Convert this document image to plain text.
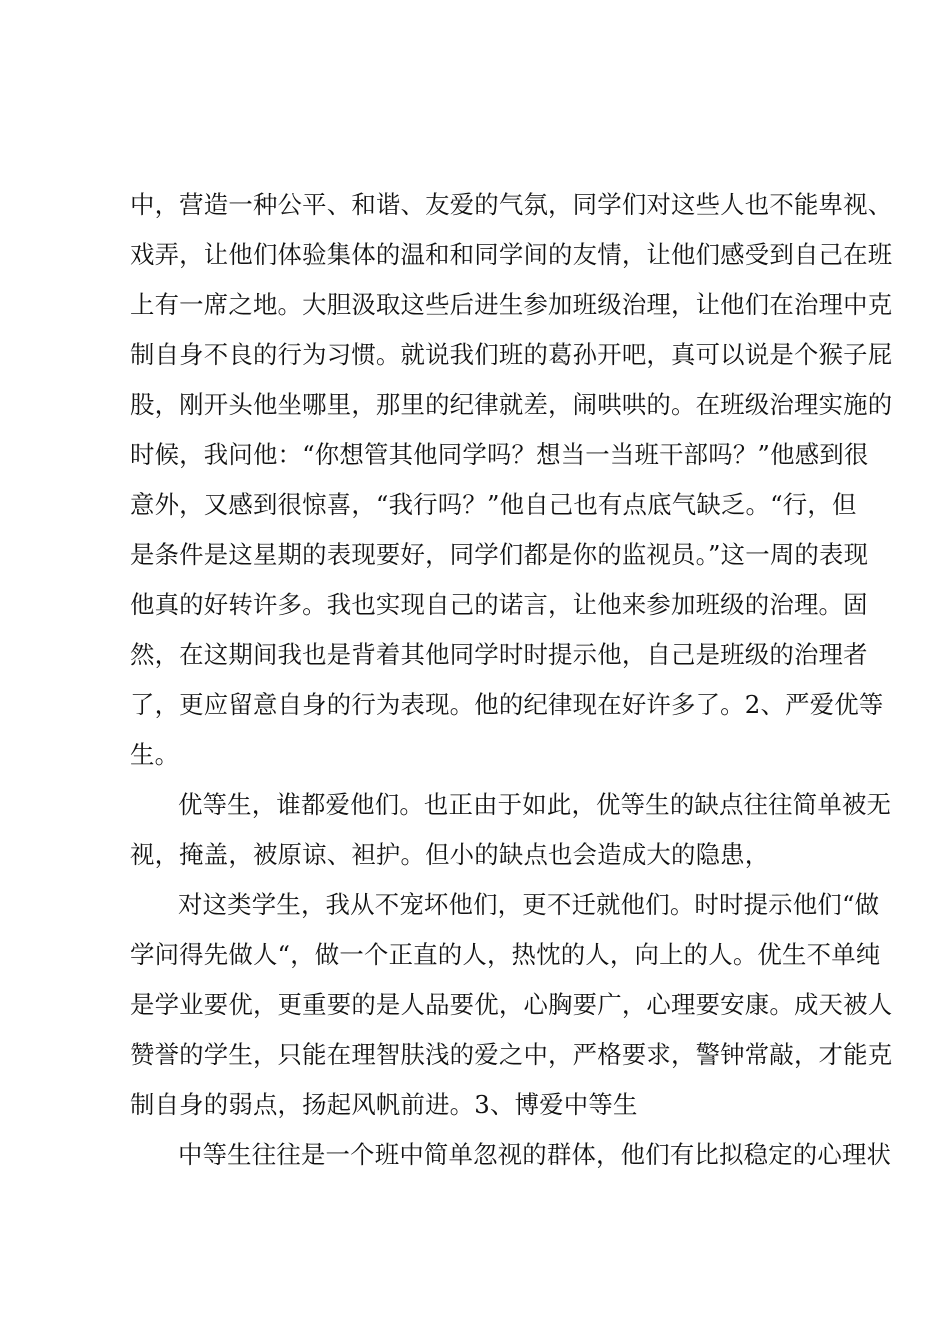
中，营造一种公平、和谐、友爱的气氛，同学们对这些人也不能卑视、
戏弄，让他们体验集体的温和和同学间的友情，让他们感受到自己在班
上有一席之地。大胆汲取这些后进生参加班级治理，让他们在治理中克
制自身不良的行为习惯。就说我们班的葛孙开吧，真可以说是个猴子屁
股，刚开头他坐哪里，那里的纪律就差，闹哄哄的。在班级治理实施的
时候，我问他：“你想管其他同学吗？想当一当班干部吗？”他感到很
意外，又感到很惊喜，“我行吗？”他自己也有点底气缺乏。“行，但
是条件是这星期的表现要好，同学们都是你的监视员。”这一周的表现
他真的好转许多。我也实现自己的诺言，让他来参加班级的治理。固
然，在这期间我也是背着其他同学时时提示他，自己是班级的治理者
了，更应留意自身的行为表现。他的纪律现在好许多了。2、严爱优等
生。
优等生，谁都爱他们。也正由于如此，优等生的缺点往往简单被无
视，掩盖，被原谅、袒护。但小的缺点也会造成大的隐患，
对这类学生，我从不宠坏他们，更不迁就他们。时时提示他们“做
学问得先做人“，做一个正直的人，热忱的人，向上的人。优生不单纯
是学业要优，更重要的是人品要优，心胸要广，心理要安康。成天被人
赞誉的学生，只能在理智肤浅的爱之中，严格要求，警钟常敲，才能克
制自身的弱点，扬起风帆前进。3、博爱中等生
中等生往往是一个班中简单忽视的群体，他们有比拟稳定的心理状
